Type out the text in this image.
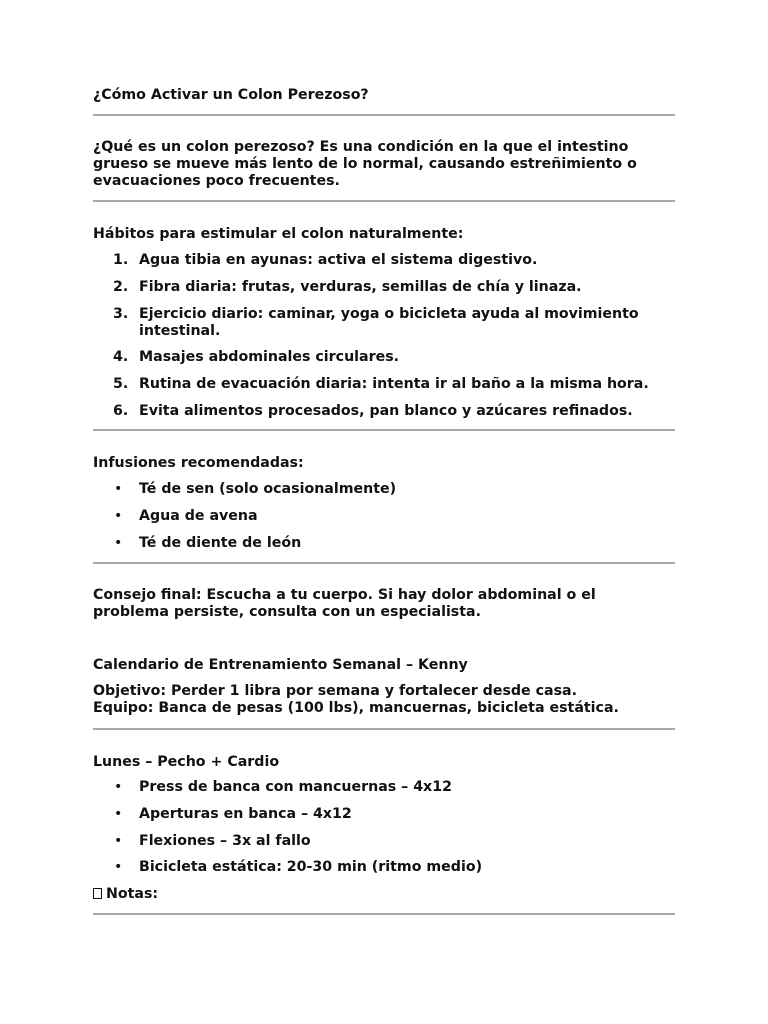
¿Cómo Activar un Colon Perezoso?
¿Qué es un colon perezoso? Es una condición en la que el intestino
grueso se mueve más lento de lo normal, causando estreñimiento o
evacuaciones poco frecuentes.
Hábitos para estimular el colon naturalmente:
1. Agua tibia en ayunas: activa el sistema digestivo.
2. Fibra diaria: frutas, verduras, semillas de chía y linaza.
3. Ejercicio diario: caminar, yoga o bicicleta ayuda al movimiento
intestinal.
4. Masajes abdominales circulares.
5. Rutina de evacuación diaria: intenta ir al baño a la misma hora.
6. Evita alimentos procesados, pan blanco y azúcares refinados.
Infusiones recomendadas:
• Té de sen (solo ocasionalmente)
• Agua de avena
• Té de diente de león
Consejo final: Escucha a tu cuerpo. Si hay dolor abdominal o el
problema persiste, consulta con un especialista.
Calendario de Entrenamiento Semanal – Kenny
Objetivo: Perder 1 libra por semana y fortalecer desde casa.
Equipo: Banca de pesas (100 lbs), mancuernas, bicicleta estática.
Lunes – Pecho + Cardio
• Press de banca con mancuernas – 4x12
• Aperturas en banca – 4x12
• Flexiones – 3x al fallo
• Bicicleta estática: 20-30 min (ritmo medio)
Notas:
